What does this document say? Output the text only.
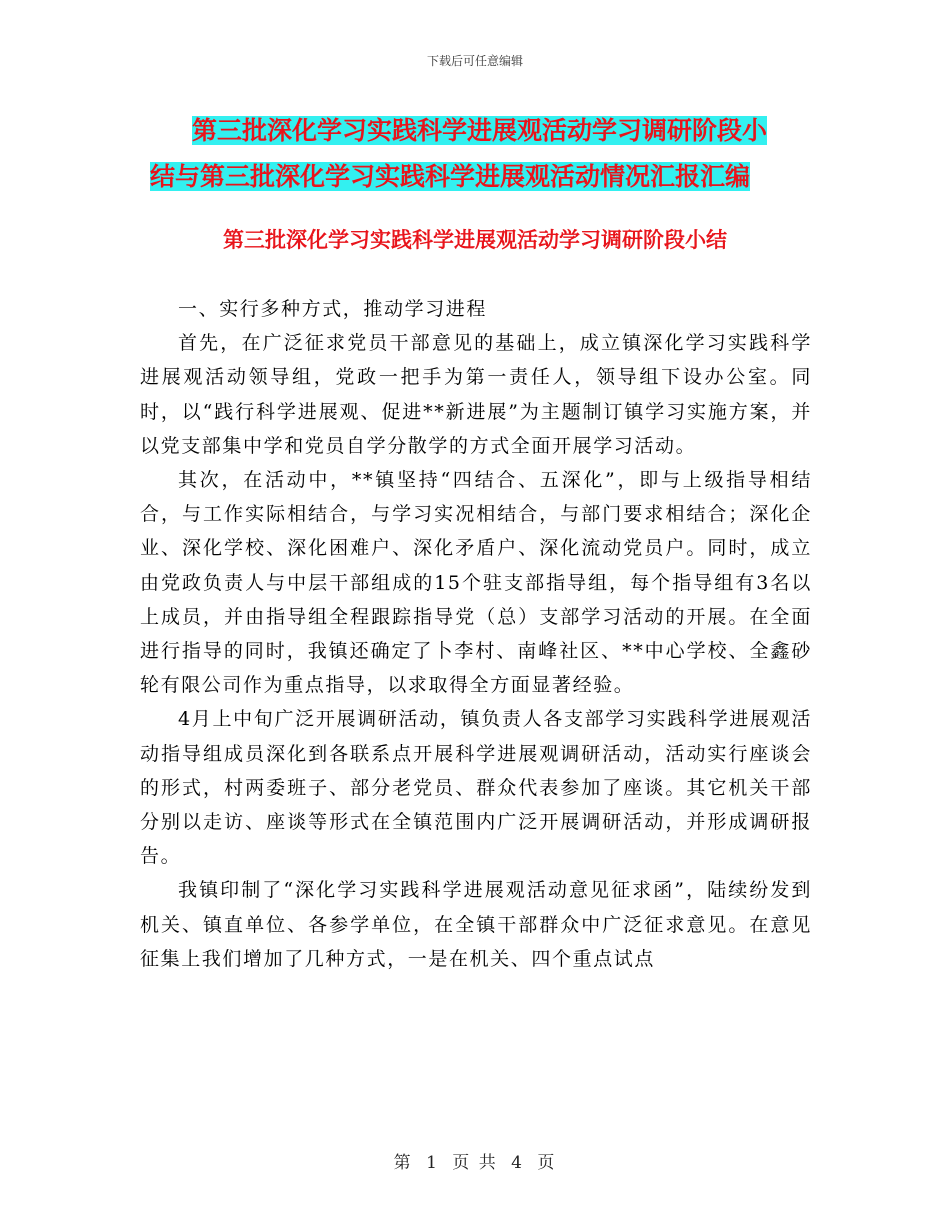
下载后可任意编辑
第三批深化学习实践科学进展观活动学习调研阶段小
结与第三批深化学习实践科学进展观活动情况汇报汇编
第三批深化学习实践科学进展观活动学习调研阶段小结

一、实行多种方式，推动学习进程

首先，在广泛征求党员干部意见的基础上，成立镇深化学习实践科学进展观活动领导组，党政一把手为第一责任人，领导组下设办公室。同时，以“践行科学进展观、促进**新进展”为主题制订镇学习实施方案，并以党支部集中学和党员自学分散学的方式全面开展学习活动。

其次，在活动中，**镇坚持“四结合、五深化”，即与上级指导相结合，与工作实际相结合，与学习实况相结合，与部门要求相结合；深化企业、深化学校、深化困难户、深化矛盾户、深化流动党员户。同时，成立由党政负责人与中层干部组成的15个驻支部指导组，每个指导组有3名以上成员，并由指导组全程跟踪指导党（总）支部学习活动的开展。在全面进行指导的同时，我镇还确定了卜李村、南峰社区、**中心学校、全鑫砂轮有限公司作为重点指导，以求取得全方面显著经验。

4月上中旬广泛开展调研活动，镇负责人各支部学习实践科学进展观活动指导组成员深化到各联系点开展科学进展观调研活动，活动实行座谈会的形式，村两委班子、部分老党员、群众代表参加了座谈。其它机关干部分别以走访、座谈等形式在全镇范围内广泛开展调研活动，并形成调研报告。

我镇印制了“深化学习实践科学进展观活动意见征求函”，陆续纷发到机关、镇直单位、各参学单位，在全镇干部群众中广泛征求意见。在意见征集上我们增加了几种方式，一是在机关、四个重点试点

第 1 页 共 4 页
